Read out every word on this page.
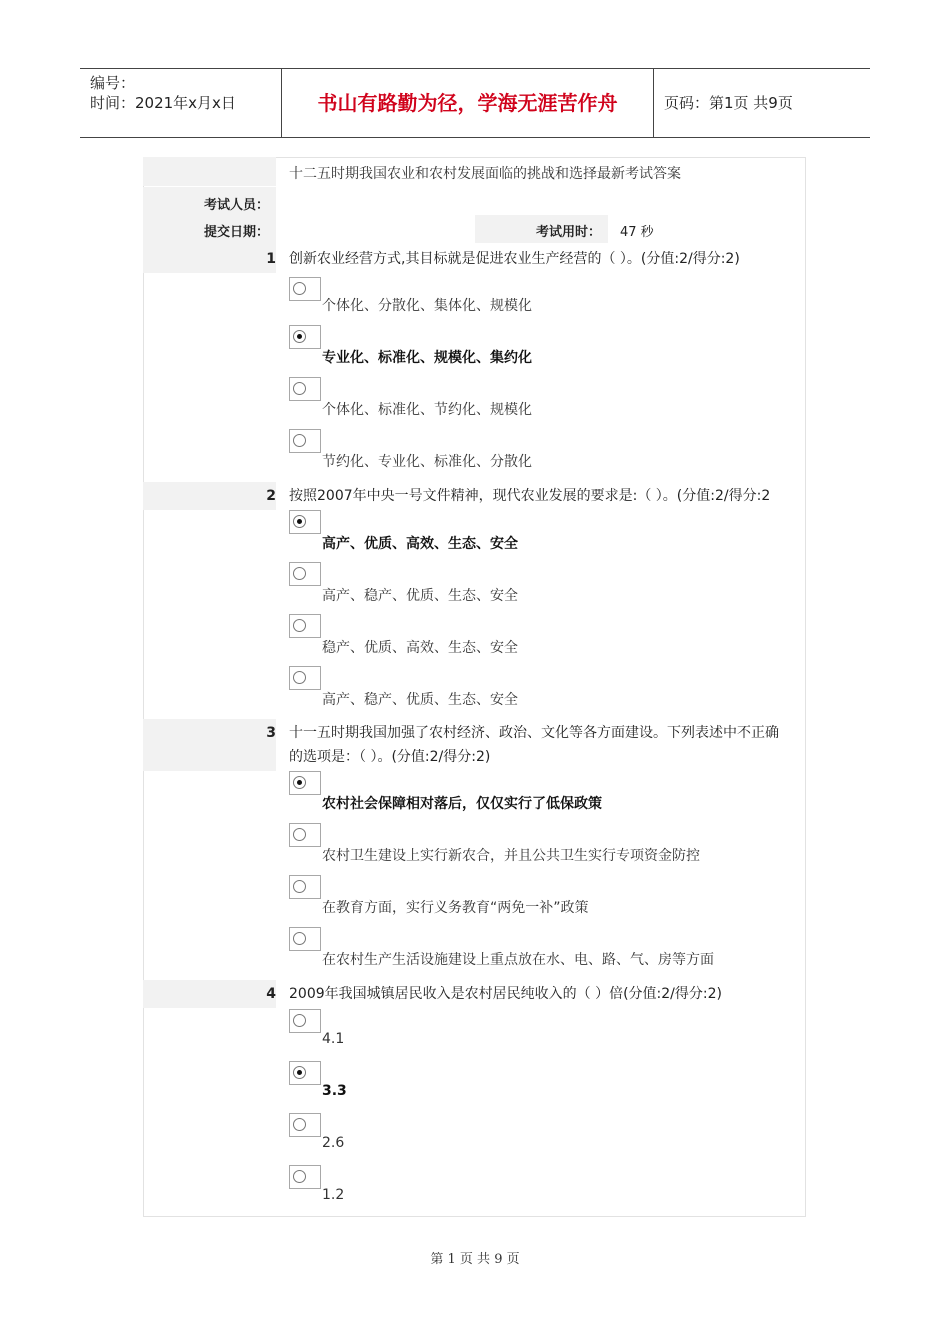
编号：
时间：2021年x月x日	书山有路勤为径，学海无涯苦作舟	页码：第1页 共9页
十二五时期我国农业和农村发展面临的挑战和选择最新考试答案
考试人员：
提交日期：	考试用时： 47 秒
1 创新农业经营方式,其目标就是促进农业生产经营的（ ）。(分值:2/得分:2)
个体化、分散化、集体化、规模化
专业化、标准化、规模化、集约化
个体化、标准化、节约化、规模化
节约化、专业化、标准化、分散化
2 按照2007年中央一号文件精神，现代农业发展的要求是:（ ）。(分值:2/得分:2
高产、优质、高效、生态、安全
高产、稳产、优质、生态、安全
稳产、优质、高效、生态、安全
高产、稳产、优质、生态、安全
3 十一五时期我国加强了农村经济、政治、文化等各方面建设。下列表述中不正确
的选项是：（ ）。(分值:2/得分:2)
农村社会保障相对落后，仅仅实行了低保政策
农村卫生建设上实行新农合，并且公共卫生实行专项资金防控
在教育方面，实行义务教育“两免一补”政策
在农村生产生活设施建设上重点放在水、电、路、气、房等方面
4 2009年我国城镇居民收入是农村居民纯收入的（ ）倍(分值:2/得分:2)
4.1
3.3
2.6
1.2
第 1 页 共 9 页
